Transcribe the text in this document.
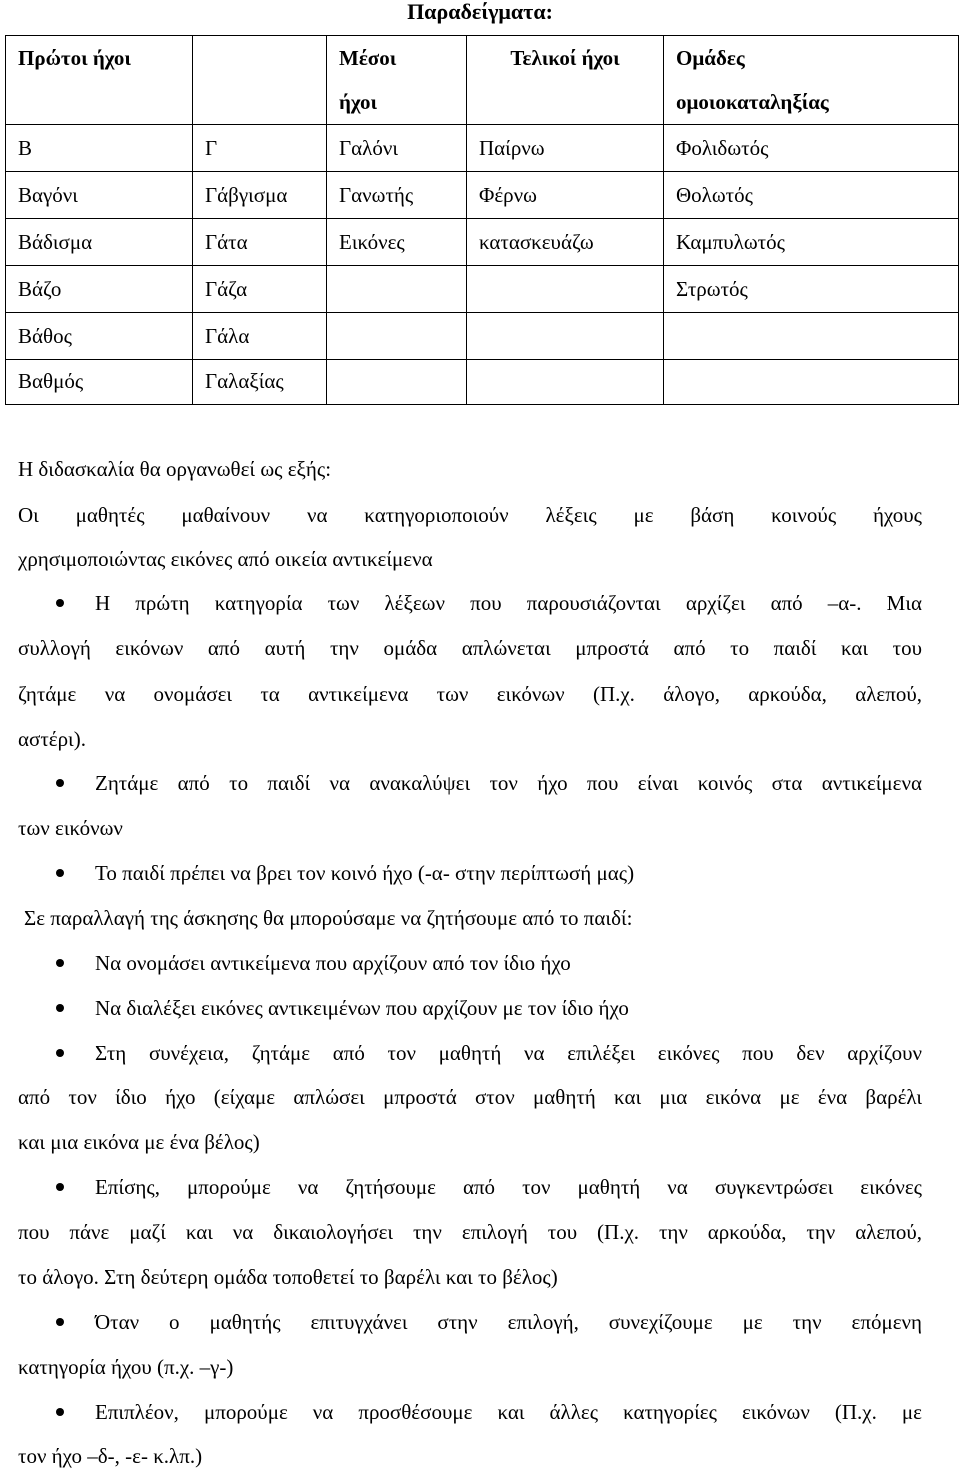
Παραδείγματα:
Πρώτοι ήχοι		Μέσοι
ήχοι	Τελικοί ήχοι	Ομάδες
ομοιοκαταληξίας

Β	Γ	Γαλόνι	Παίρνω	Φολιδωτός
Βαγόνι	Γάβγισμα	Γανωτής	Φέρνω	Θολωτός
Βάδισμα	Γάτα	Εικόνες	κατασκευάζω	Καμπυλωτός
Βάζο	Γάζα			Στρωτός
Βάθος	Γάλα			
Βαθμός	Γαλαξίας			

Η διδασκαλία θα οργανωθεί ως εξής:

Οι μαθητές μαθαίνουν να κατηγοριοποιούν λέξεις με βάση κοινούς ήχους

χρησιμοποιώντας εικόνες από οικεία αντικείμενα

Η πρώτη κατηγορία των λέξεων που παρουσιάζονται αρχίζει από –α-. Μια

συλλογή εικόνων από αυτή την ομάδα απλώνεται μπροστά από το παιδί και του

ζητάμε να ονομάσει τα αντικείμενα των εικόνων (Π.χ. άλογο, αρκούδα, αλεπού,

αστέρι).

Ζητάμε από το παιδί να ανακαλύψει τον ήχο που είναι κοινός στα αντικείμενα

των εικόνων

Το παιδί πρέπει να βρει τον κοινό ήχο (-α- στην περίπτωσή μας)

Σε παραλλαγή της άσκησης θα μπορούσαμε να ζητήσουμε από το παιδί:

Να ονομάσει αντικείμενα που αρχίζουν από τον ίδιο ήχο

Να διαλέξει εικόνες αντικειμένων που αρχίζουν με τον ίδιο ήχο

Στη συνέχεια, ζητάμε από τον μαθητή να επιλέξει εικόνες που δεν αρχίζουν

από τον ίδιο ήχο (είχαμε απλώσει μπροστά στον μαθητή και μια εικόνα με ένα βαρέλι

και μια εικόνα με ένα βέλος)

Επίσης, μπορούμε να ζητήσουμε από τον μαθητή να συγκεντρώσει εικόνες

που πάνε μαζί και να δικαιολογήσει την επιλογή του (Π.χ. την αρκούδα, την αλεπού,

το άλογο. Στη δεύτερη ομάδα τοποθετεί το βαρέλι και το βέλος)

Όταν ο μαθητής επιτυγχάνει στην επιλογή, συνεχίζουμε με την επόμενη

κατηγορία ήχου (π.χ. –γ-)

Επιπλέον, μπορούμε να προσθέσουμε και άλλες κατηγορίες εικόνων (Π.χ. με

τον ήχο –δ-, -ε- κ.λπ.)
